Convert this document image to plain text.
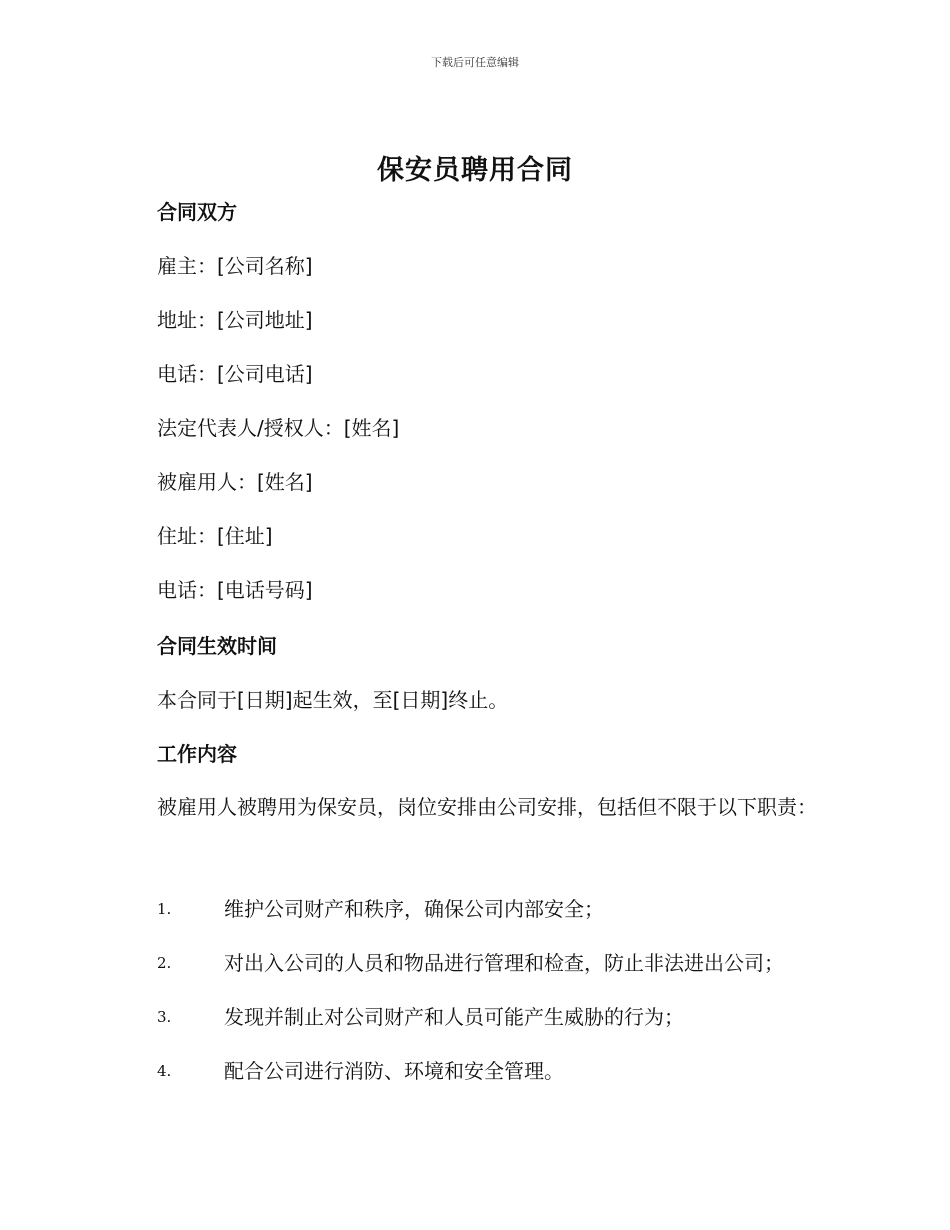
下载后可任意编辑
保安员聘用合同
合同双方
雇主：[公司名称]
地址：[公司地址]
电话：[公司电话]
法定代表人/授权人：[姓名]
被雇用人：[姓名]
住址：[住址]
电话：[电话号码]
合同生效时间
本合同于[日期]起生效，至[日期]终止。
工作内容

被雇用人被聘用为保安员，岗位安排由公司安排，包括但不限于以下职责：

1.	维护公司财产和秩序，确保公司内部安全；
2.	对出入公司的人员和物品进行管理和检查，防止非法进出公司；
3.	发现并制止对公司财产和人员可能产生威胁的行为；
4.	配合公司进行消防、环境和安全管理。
